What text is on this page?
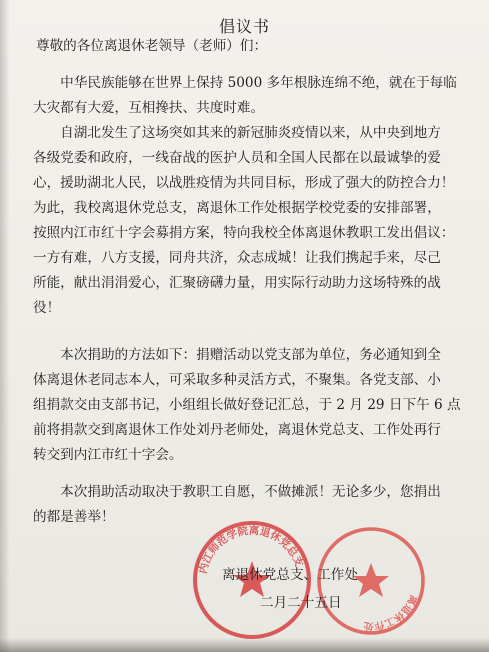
倡议书
尊敬的各位离退休老领导（老师）们：
　　中华民族能够在世界上保持 5000 多年根脉连绵不绝，就在于每临
大灾都有大爱，互相搀扶、共度时难。
　　自湖北发生了这场突如其来的新冠肺炎疫情以来，从中央到地方
各级党委和政府，一线奋战的医护人员和全国人民都在以最诚挚的爱
心，援助湖北人民，以战胜疫情为共同目标，形成了强大的防控合力！
为此，我校离退休党总支，离退休工作处根据学校党委的安排部署，
按照内江市红十字会募捐方案，特向我校全体离退休教职工发出倡议：
一方有难，八方支援，同舟共济，众志成城！让我们携起手来，尽己
所能，献出涓涓爱心，汇聚磅礴力量，用实际行动助力这场特殊的战
役！
　　本次捐助的方法如下：捐赠活动以党支部为单位，务必通知到全
体离退休老同志本人，可采取多种灵活方式，不聚集。各党支部、小
组捐款交由支部书记，小组组长做好登记汇总，于 2 月 29 日下午 6 点
前将捐款交到离退休工作处刘丹老师处，离退休党总支、工作处再行
转交到内江市红十字会。
　　本次捐助活动取决于教职工自愿，不做摊派！无论多少，您捐出
的都是善举！
内江师范学院离退休党总支
离退休工作处
离退休党总支、工作处
二月二十五日
